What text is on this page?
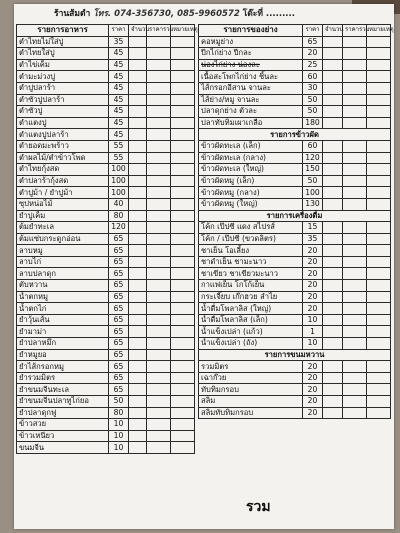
ร้านส้มตำ โทร. 074-356730, 085-9960572 โต๊ะที่ .........
รายการอาหาร	ราคา	จำนวน	ราคารวม	หมายเหตุ
ตำไทยไม่ใส่ปู	35			
ตำไทยใส่ปู	45			
ตำไข่เค็ม	45			
ตำมะม่วงปู	45			
ตำปูปลาร้า	45			
ตำซั่วปูปลาร้า	45			
ตำซั่วปู	45			
ตำแตงปู	45			
ตำแตงปูปลาร้า	45			
ตำยอดมะพร้าว	55			
ตำผลไม้/ตำข้าวโพด	55			
ตำไทยกุ้งสด	100			
ตำปลาร้ากุ้งสด	100			
ตำปูม้า / ยำปูม้า	100			
ซุปหน่อไม้	40			
ยำปูเค็ม	80			
ต้มยำทะเล	120			
ต้มแซ่บกระดูกอ่อน	65			
ลาบหมู	65			
ลาบไก่	65			
ลาบปลาดุก	65			
ตับหวาน	65			
น้ำตกหมู	65			
น้ำตกไก่	65			
ยำวุ้นเส้น	65			
ยำมาม่า	65			
ยำปลาหมึก	65			
ยำหมูยอ	65			
ยำไส้กรอกหมู	65			
ยำรวมมิตร	65			
ยำขนมจีนทะเล	65			
ยำขนมจีนปลาทูไก่ยอ	50			
ยำปลาดุกฟู	80			
ข้าวสวย	10			
ข้าวเหนียว	10			
ขนมจีน	10			
รายการของย่าง	ราคา	จำนวน	ราคารวม	หมายเหตุ
คอหมูย่าง	65			
ปีกไก่ย่าง ปีกละ	20			
น่องไก่ย่าง น่องละ	25			
เนื้อสะโพกไก่ย่าง ชิ้นละ	60			
ไส้กรอกอีสาน จานละ	30			
ไส้ย่าง/หมู จานละ	50			
ปลาดุกย่าง ตัวละ	50			
ปลาทับทิมเผาเกลือ	180			
รายการข้าวผัด				
ข้าวผัดทะเล (เล็ก)	60			
ข้าวผัดทะเล (กลาง)	120			
ข้าวผัดทะเล (ใหญ่)	150			
ข้าวผัดหมู (เล็ก)	50			
ข้าวผัดหมู (กลาง)	100			
ข้าวผัดหมู (ใหญ่)	130			
รายการเครื่องดื่ม				
โค้ก เป๊ปซี่ แดง สไปรส์	15			
โค้ก / เป๊ปซี่ (ขวดลิตร)	35			
ชาเย็น โอเลี้ยง	20			
ชาดำเย็น ชามะนาว	20			
ชาเขียว ชาเขียวมะนาว	20			
กาแฟเย็น โกโก้เย็น	20			
กระเจี๊ยบ เก๊กฮวย ลำไย	20			
น้ำดื่มโพลาลิส (ใหญ่)	20			
น้ำดื่มโพลาลิส (เล็ก)	10			
น้ำแข็งเปล่า (แก้ว)	1			
น้ำแข็งเปล่า (ถัง)	10			
รายการขนมหวาน				
รวมมิตร	20			
เฉาก๊วย	20			
ทับทิมกรอบ	20			
สลิ่ม	20			
สลิ่มทับทิมกรอบ	20			
รวม
